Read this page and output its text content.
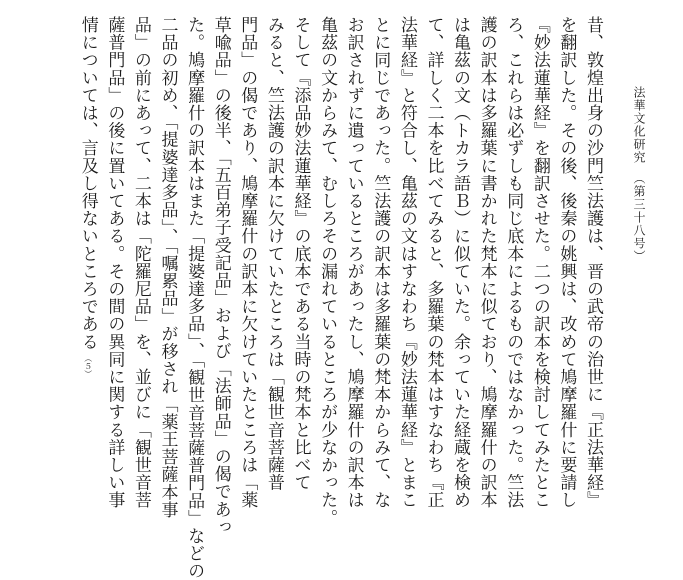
法華文化研究（第三十八号）

昔、敦煌出身の沙門竺法護は、晋の武帝の治世に『正法華経』

を翻訳した。その後、後秦の姚興は、改めて鳩摩羅什に要請し

『妙法蓮華経』を翻訳させた。二つの訳本を検討してみたとこ

ろ、これらは必ずしも同じ底本によるものではなかった。竺法

護の訳本は多羅葉に書かれた梵本に似ており、鳩摩羅什の訳本

は亀茲の文（トカラ語Ｂ）に似ていた。余っていた経蔵を検め

て、詳しく二本を比べてみると、多羅葉の梵本はすなわち『正

法華経』と符合し、亀茲の文はすなわち『妙法蓮華経』とまこ

とに同じであった。竺法護の訳本は多羅葉の梵本からみて、な

お訳されずに遺っているところがあったし、鳩摩羅什の訳本は

亀茲の文からみて、むしろその漏れているところが少なかった。

そして『添品妙法蓮華経』の底本である当時の梵本と比べて

みると、竺法護の訳本に欠けていたところは「観世音菩薩普

門品」の偈であり、鳩摩羅什の訳本に欠けていたところは「薬

草喩品」の後半、「五百弟子受記品」および「法師品」の偈であっ

た。鳩摩羅什の訳本はまた「提婆達多品」、「観世音菩薩普門品」などの

二品の初め、「提婆達多品」、「嘱累品」が移され「薬王菩薩本事

品」の前にあって、二本は「陀羅尼品」を、並びに「観世音菩

薩普門品」の後に置いてある。その間の異同に関する詳しい事

情については、言及し得ないところである（５）
